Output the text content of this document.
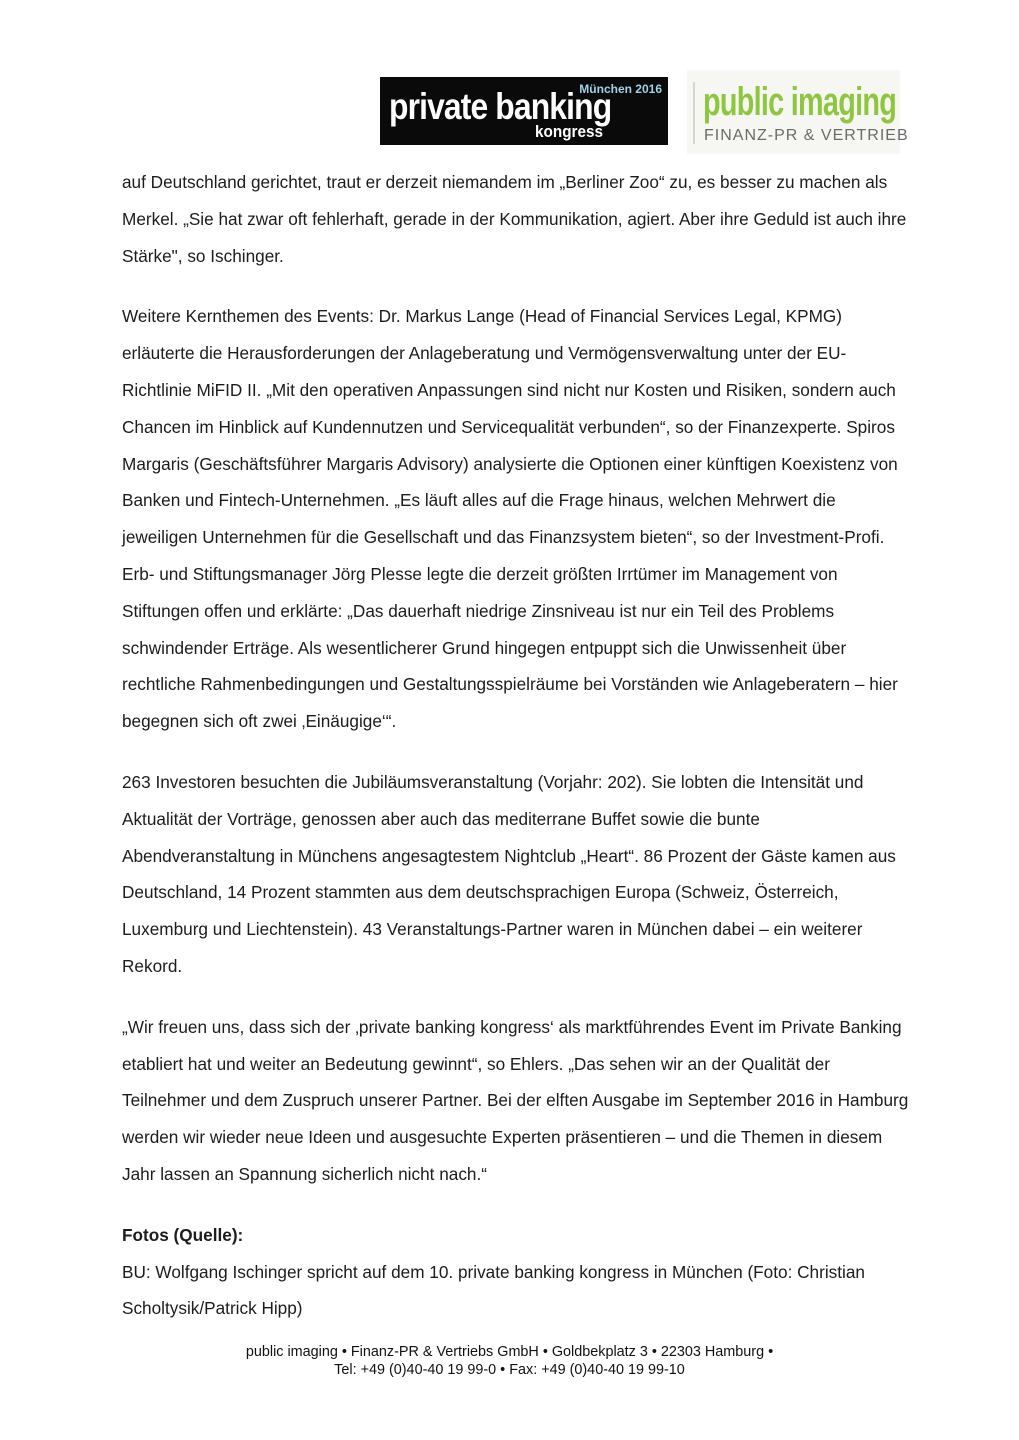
private banking
München 2016
kongress
public imaging
FINANZ-PR & VERTRIEB

auf Deutschland gerichtet, traut er derzeit niemandem im „Berliner Zoo“ zu, es besser zu machen als Merkel. „Sie hat zwar oft fehlerhaft, gerade in der Kommunikation, agiert. Aber ihre Geduld ist auch ihre Stärke", so Ischinger.

Weitere Kernthemen des Events: Dr. Markus Lange (Head of Financial Services Legal, KPMG) erläuterte die Herausforderungen der Anlageberatung und Vermögensverwaltung unter der EU-Richtlinie MiFID II. „Mit den operativen Anpassungen sind nicht nur Kosten und Risiken, sondern auch Chancen im Hinblick auf Kundennutzen und Servicequalität verbunden“, so der Finanzexperte. Spiros Margaris (Geschäftsführer Margaris Advisory) analysierte die Optionen einer künftigen Koexistenz von Banken und Fintech-Unternehmen. „Es läuft alles auf die Frage hinaus, welchen Mehrwert die jeweiligen Unternehmen für die Gesellschaft und das Finanzsystem bieten“, so der Investment-Profi. Erb- und Stiftungsmanager Jörg Plesse legte die derzeit größten Irrtümer im Management von Stiftungen offen und erklärte: „Das dauerhaft niedrige Zinsniveau ist nur ein Teil des Problems schwindender Erträge. Als wesentlicherer Grund hingegen entpuppt sich die Unwissenheit über rechtliche Rahmenbedingungen und Gestaltungsspielräume bei Vorständen wie Anlageberatern – hier begegnen sich oft zwei ‚Einäugige‘“.

263 Investoren besuchten die Jubiläumsveranstaltung (Vorjahr: 202). Sie lobten die Intensität und Aktualität der Vorträge, genossen aber auch das mediterrane Buffet sowie die bunte Abendveranstaltung in Münchens angesagtestem Nightclub „Heart“. 86 Prozent der Gäste kamen aus Deutschland, 14 Prozent stammten aus dem deutschsprachigen Europa (Schweiz, Österreich, Luxemburg und Liechtenstein). 43 Veranstaltungs-Partner waren in München dabei – ein weiterer Rekord.

„Wir freuen uns, dass sich der ‚private banking kongress‘ als marktführendes Event im Private Banking etabliert hat und weiter an Bedeutung gewinnt“, so Ehlers. „Das sehen wir an der Qualität der Teilnehmer und dem Zuspruch unserer Partner. Bei der elften Ausgabe im September 2016 in Hamburg werden wir wieder neue Ideen und ausgesuchte Experten präsentieren – und die Themen in diesem Jahr lassen an Spannung sicherlich nicht nach.“

Fotos (Quelle):

BU: Wolfgang Ischinger spricht auf dem 10. private banking kongress in München (Foto: Christian Scholtysik/Patrick Hipp)

public imaging • Finanz-PR & Vertriebs GmbH • Goldbekplatz 3 • 22303 Hamburg •
Tel: +49 (0)40-40 19 99-0 • Fax: +49 (0)40-40 19 99-10
